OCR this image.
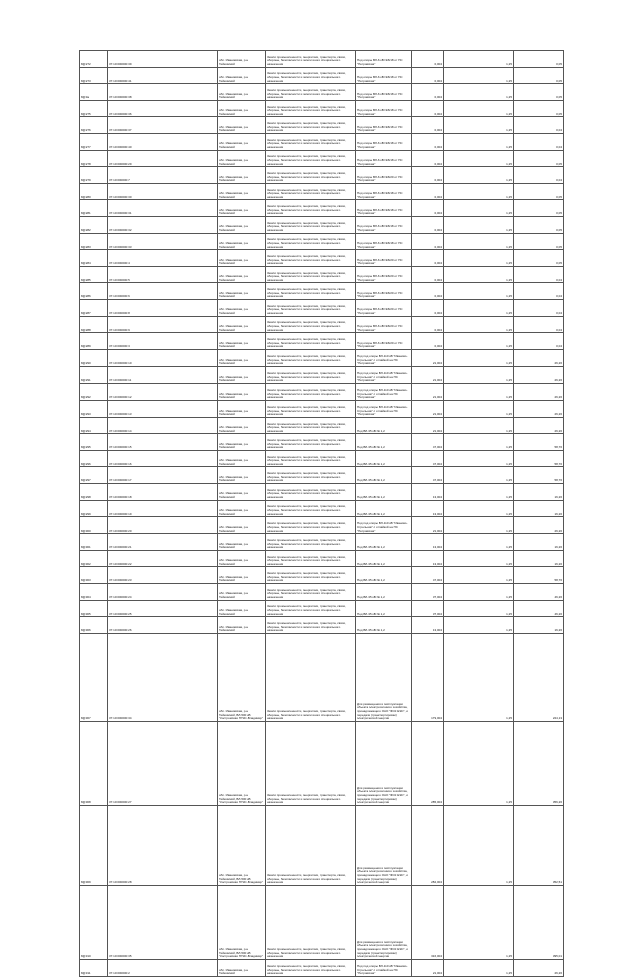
8@272	37:10:000000:39	обл. Ивановская, р-н Тейковский	Земли промышленности, энергетики, транспорта, связи, обороны, безопасности и земли иного специального назначения	Под опоры ВЛ-6 кВ №6/18 от ПС "Петровская"	0,004	1,25	0,05
8@273	37:10:000000:41	обл. Ивановская, р-н Тейковский	Земли промышленности, энергетики, транспорта, связи, обороны, безопасности и земли иного специального назначения	Под опоры ВЛ-6 кВ №6/18 от ПС "Петровская"	0,004	1,25	0,05
8@3a	37:10:000000:38	обл. Ивановская, р-н Тейковский	Земли промышленности, энергетики, транспорта, связи, обороны, безопасности и земли иного специального назначения	Под опоры ВЛ-6 кВ №6/18 от ПС "Петровская"	0,004	1,25	0,05
8@275	37:10:000000:36	обл. Ивановская, р-н Тейковский	Земли промышленности, энергетики, транспорта, связи, обороны, безопасности и земли иного специального назначения	Под опоры ВЛ-6 кВ №6/18 от ПС "Петровская"	0,004	1,25	0,05
8@276	37:10:000000:37	обл. Ивановская, р-н Тейковский	Земли промышленности, энергетики, транспорта, связи, обороны, безопасности и земли иного специального назначения	Под опоры ВЛ-6 кВ №6/18 от ПС "Петровская"	0,004	1,25	0,04
8@277	37:10:000000:40	обл. Ивановская, р-н Тейковский	Земли промышленности, энергетики, транспорта, связи, обороны, безопасности и земли иного специального назначения	Под опоры ВЛ-6 кВ №6/18 от ПС "Петровская"	0,004	1,25	0,04
8@278	37:10:000000:29	обл. Ивановская, р-н Тейковский	Земли промышленности, энергетики, транспорта, связи, обороны, безопасности и земли иного специального назначения	Под опоры ВЛ-6 кВ №6/18 от ПС "Петровская"	0,004	1,25	0,05
8@279	37:10:000000:7	обл. Ивановская, р-н Тейковский	Земли промышленности, энергетики, транспорта, связи, обороны, безопасности и земли иного специального назначения	Под опоры ВЛ-6 кВ №6/20 от ПС "Петровская"	0,004	1,25	0,04
8@280	37:10:000000:30	обл. Ивановская, р-н Тейковский	Земли промышленности, энергетики, транспорта, связи, обороны, безопасности и земли иного специального назначения	Под опоры ВЛ-6 кВ №6/18 от ПС "Петровская"	0,004	1,25	0,05
8@281	37:10:000000:31	обл. Ивановская, р-н Тейковский	Земли промышленности, энергетики, транспорта, связи, обороны, безопасности и земли иного специального назначения	Под опоры ВЛ-6 кВ №6/18 от ПС "Петровская"	0,004	1,25	0,05
8@282	37:10:000000:32	обл. Ивановская, р-н Тейковский	Земли промышленности, энергетики, транспорта, связи, обороны, безопасности и земли иного специального назначения	Под опоры ВЛ-6 кВ №6/18 от ПС "Петровская"	0,004	1,25	0,05
8@283	37:10:000000:33	обл. Ивановская, р-н Тейковский	Земли промышленности, энергетики, транспорта, связи, обороны, безопасности и земли иного специального назначения	Под опоры ВЛ-6 кВ №6/18 от ПС "Петровская"	0,004	1,25	0,05
8@284	37:10:000000:4	обл. Ивановская, р-н Тейковский	Земли промышленности, энергетики, транспорта, связи, обороны, безопасности и земли иного специального назначения	Под опоры ВЛ-6 кВ №6/20 от ПС "Петровская"	0,004	1,25	0,05
8@285	37:10:000000:5	обл. Ивановская, р-н Тейковский	Земли промышленности, энергетики, транспорта, связи, обороны, безопасности и земли иного специального назначения	Под опоры ВЛ-6 кВ №6/20 от ПС "Петровская"	0,004	1,25	0,04
8@286	37:10:000000:6	обл. Ивановская, р-н Тейковский	Земли промышленности, энергетики, транспорта, связи, обороны, безопасности и земли иного специального назначения	Под опоры ВЛ-6 кВ №6/20 от ПС "Петровская"	0,004	1,25	0,04
8@287	37:10:000000:8	обл. Ивановская, р-н Тейковский	Земли промышленности, энергетики, транспорта, связи, обороны, безопасности и земли иного специального назначения	Под опоры ВЛ-6 кВ №6/20 от ПС "Петровская"	0,004	1,25	0,04
8@288	37:10:000000:9	обл. Ивановская, р-н Тейковский	Земли промышленности, энергетики, транспорта, связи, обороны, безопасности и земли иного специального назначения	Под опоры ВЛ-6 кВ №6/20 от ПС "Петровская"	0,004	1,25	0,04
8@289	37:10:000000:3	обл. Ивановская, р-н Тейковский	Земли промышленности, энергетики, транспорта, связи, обороны, безопасности и земли иного специального назначения	Под опоры ВЛ-6 кВ №6/20 от ПС "Петровская"	0,004	1,25	0,04
8@290	37:10:000000:10	обл. Ивановская, р-н Тейковский	Земли промышленности, энергетики, транспорта, связи, обороны, безопасности и земли иного специального назначения	Под под опоры ВЛ-110 кВ "Иваново-Стрельник" с отпайкой на ПС "Петровская"	21,004	1,25	26,26
8@291	37:10:000000:11	обл. Ивановская, р-н Тейковский	Земли промышленности, энергетики, транспорта, связи, обороны, безопасности и земли иного специального назначения	Под под опоры ВЛ-110 кВ "Иваново-Стрельник" с отпайкой на ПС "Петровская"	21,004	1,25	26,26
8@292	37:10:000000:12	обл. Ивановская, р-н Тейковский	Земли промышленности, энергетики, транспорта, связи, обороны, безопасности и земли иного специального назначения	Под под опоры ВЛ-110 кВ "Иваново-Стрельник" с отпайкой на ПС "Петровская"	21,004	1,25	26,26
8@293	37:10:000000:13	обл. Ивановская, р-н Тейковский	Земли промышленности, энергетики, транспорта, связи, обороны, безопасности и земли иного специального назначения	Под под опоры ВЛ-110 кВ "Иваново-Стрельник" с отпайкой на ПС "Петровская"	21,004	1,25	26,26
8@294	37:10:000000:14	обл. Ивановская, р-н Тейковский	Земли промышленности, энергетики, транспорта, связи, обороны, безопасности и земли иного специального назначения	Под ВЛ-35 кВ № 1,2	21,004	1,25	26,26
8@295	37:10:000000:15	обл. Ивановская, р-н Тейковский	Земли промышленности, энергетики, транспорта, связи, обороны, безопасности и земли иного специального назначения	Под ВЛ-35 кВ № 1,2	47,004	1,25	58,76
8@296	37:10:000000:16	обл. Ивановская, р-н Тейковский	Земли промышленности, энергетики, транспорта, связи, обороны, безопасности и земли иного специального назначения	Под ВЛ-35 кВ № 1,2	47,004	1,25	58,76
8@297	37:10:000000:17	обл. Ивановская, р-н Тейковский	Земли промышленности, энергетики, транспорта, связи, обороны, безопасности и земли иного специального назначения	Под ВЛ-35 кВ № 1,2	47,004	1,25	58,76
8@298	37:10:000000:18	обл. Ивановская, р-н Тейковский	Земли промышленности, энергетики, транспорта, связи, обороны, безопасности и земли иного специального назначения	Под ВЛ-35 кВ № 1,2	13,004	1,25	16,26
8@299	37:10:000000:19	обл. Ивановская, р-н Тейковский	Земли промышленности, энергетики, транспорта, связи, обороны, безопасности и земли иного специального назначения	Под ВЛ-35 кВ № 1,2	13,004	1,25	16,26
8@300	37:10:000000:20	обл. Ивановская, р-н Тейковский	Земли промышленности, энергетики, транспорта, связи, обороны, безопасности и земли иного специального назначения	Под под опоры ВЛ-110 кВ "Иваново-Стрельник" с отпайкой на ПС "Петровская"	21,004	1,25	26,26
8@301	37:10:000000:21	обл. Ивановская, р-н Тейковский	Земли промышленности, энергетики, транспорта, связи, обороны, безопасности и земли иного специального назначения	Под ВЛ-35 кВ № 1,2	13,004	1,25	16,26
8@302	37:10:000000:22	обл. Ивановская, р-н Тейковский	Земли промышленности, энергетики, транспорта, связи, обороны, безопасности и земли иного специального назначения	Под ВЛ-35 кВ № 1,2	13,004	1,25	16,26
8@303	37:10:000000:23	обл. Ивановская, р-н Тейковский	Земли промышленности, энергетики, транспорта, связи, обороны, безопасности и земли иного специального назначения	Под ВЛ-35 кВ № 1,2	47,004	1,25	58,76
8@304	37:10:000000:24	обл. Ивановская, р-н Тейковский	Земли промышленности, энергетики, транспорта, связи, обороны, безопасности и земли иного специального назначения	Под ВЛ-35 кВ № 1,2	37,004	1,25	46,26
8@305	37:10:000000:25	обл. Ивановская, р-н Тейковский	Земли промышленности, энергетики, транспорта, связи, обороны, безопасности и земли иного специального назначения	Под ВЛ-35 кВ № 1,2	37,004	1,25	46,26
8@306	37:10:000000:26	обл. Ивановская, р-н Тейковский	Земли промышленности, энергетики, транспорта, связи, обороны, безопасности и земли иного специального назначения	Под ВЛ-35 кВ № 1,2	13,004	1,25	16,26
8@307	37:10:000000:34	обл. Ивановская, р-н Тейковский, ВЛ-500 кВ "Костромская ГРЭС-Владимир"	Земли промышленности, энергетики, транспорта, связи, обороны, безопасности и земли иного специального назначения	Для размещения и эксплуатации объекта электросетевого хозяйства, принадлежащего ОАО "ФСК ЕЭС", и передачи (транспортировки) электрической энергии	179,004	1,25	224,13
8@308	37:10:000000:27	обл. Ивановская, р-н Тейковский, ВЛ-500 кВ "Костромская ГРЭС-Владимир"	Земли промышленности, энергетики, транспорта, связи, обороны, безопасности и земли иного специального назначения	Для размещения и эксплуатации объекта электросетевого хозяйства, принадлежащего ОАО "ФСК ЕЭС", и передачи (транспортировки) электрической энергии	285,004	1,25	356,26
8@309	37:10:000000:28	обл. Ивановская, р-н Тейковский, ВЛ-500 кВ "Костромская ГРЭС-Владимир"	Земли промышленности, энергетики, транспорта, связи, обороны, безопасности и земли иного специального назначения	Для размещения и эксплуатации объекта электросетевого хозяйства, принадлежащего ОАО "ФСК ЕЭС", и передачи (транспортировки) электрической энергии	282,004	1,25	352,51
8@310	37:10:000000:35	обл. Ивановская, р-н Тейковский, ВЛ-500 кВ "Костромская ГРЭС-Владимир"	Земли промышленности, энергетики, транспорта, связи, обороны, безопасности и земли иного специального назначения	Для размещения и эксплуатации объекта электросетевого хозяйства, принадлежащего ОАО "ФСК ЕЭС", и передачи (транспортировки) электрической энергии	316,004	1,25	395,01
8@311	37:10:000000:2	обл. Ивановская, р-н Тейковский	Земли промышленности, энергетики, транспорта, связи, обороны, безопасности и земли иного специального назначения	Под под опоры ВЛ-110 кВ "Иваново-Стрельник" с отпайкой на ПС "Петровская"	21,004	1,25	26,26
